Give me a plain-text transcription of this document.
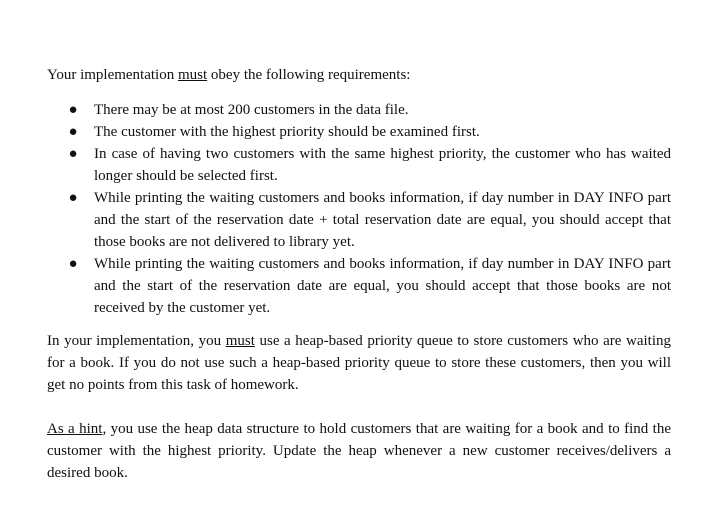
Your implementation must obey the following requirements:

● There may be at most 200 customers in the data file.
● The customer with the highest priority should be examined first.
● In case of having two customers with the same highest priority, the customer who has waited longer should be selected first.
● While printing the waiting customers and books information, if day number in DAY INFO part and the start of the reservation date + total reservation date are equal, you should accept that those books are not delivered to library yet.
● While printing the waiting customers and books information, if day number in DAY INFO part and the start of the reservation date are equal, you should accept that those books are not received by the customer yet.

In your implementation, you must use a heap-based priority queue to store customers who are waiting for a book. If you do not use such a heap-based priority queue to store these customers, then you will get no points from this task of homework.

As a hint, you use the heap data structure to hold customers that are waiting for a book and to find the customer with the highest priority. Update the heap whenever a new customer receives/delivers a desired book.
